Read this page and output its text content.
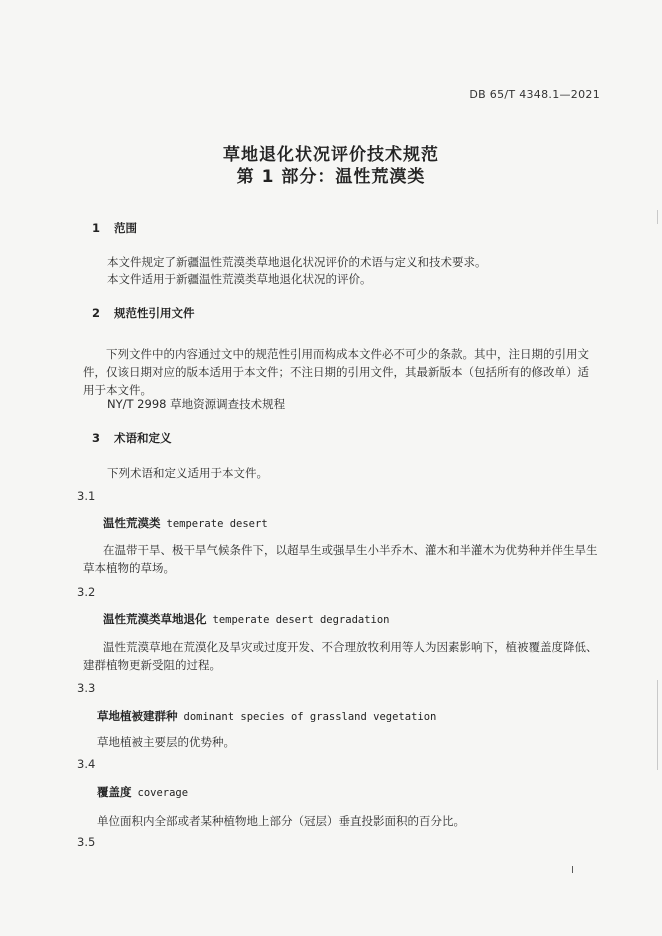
DB 65/T 4348.1—2021
草地退化状况评价技术规范
第 1 部分：温性荒漠类
1 范围
本文件规定了新疆温性荒漠类草地退化状况评价的术语与定义和技术要求。
本文件适用于新疆温性荒漠类草地退化状况的评价。
2 规范性引用文件
下列文件中的内容通过文中的规范性引用而构成本文件必不可少的条款。其中，注日期的引用文件，仅该日期对应的版本适用于本文件；不注日期的引用文件，其最新版本（包括所有的修改单）适用于本文件。
NY/T 2998 草地资源调查技术规程
3 术语和定义
下列术语和定义适用于本文件。
3.1
温性荒漠类 temperate desert
在温带干旱、极干旱气候条件下，以超旱生或强旱生小半乔木、灌木和半灌木为优势种并伴生旱生草本植物的草场。
3.2
温性荒漠类草地退化 temperate desert degradation
温性荒漠草地在荒漠化及旱灾或过度开发、不合理放牧利用等人为因素影响下，植被覆盖度降低、建群植物更新受阻的过程。
3.3
草地植被建群种 dominant species of grassland vegetation
草地植被主要层的优势种。
3.4
覆盖度 coverage
单位面积内全部或者某种植物地上部分（冠层）垂直投影面积的百分比。
3.5
I
